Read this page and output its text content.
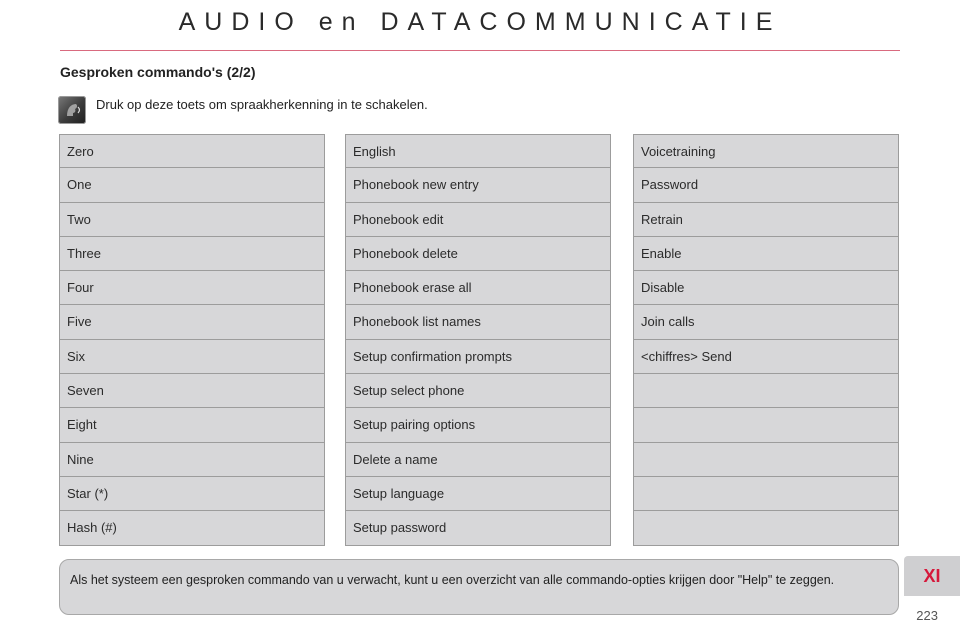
AUDIO en DATACOMMUNICATIE
Gesproken commando's (2/2)
Druk op deze toets om spraakherkenning in te schakelen.
Zero
One
Two
Three
Four
Five
Six
Seven
Eight
Nine
Star (*)
Hash (#)
English
Phonebook new entry
Phonebook edit
Phonebook delete
Phonebook erase all
Phonebook list names
Setup confirmation prompts
Setup select phone
Setup pairing options
Delete a name
Setup language
Setup password
Voicetraining
Password
Retrain
Enable
Disable
Join calls
<chiffres> Send
Als het systeem een gesproken commando van u verwacht, kunt u een overzicht van alle commando-opties krijgen door "Help" te zeggen.	XI
223
